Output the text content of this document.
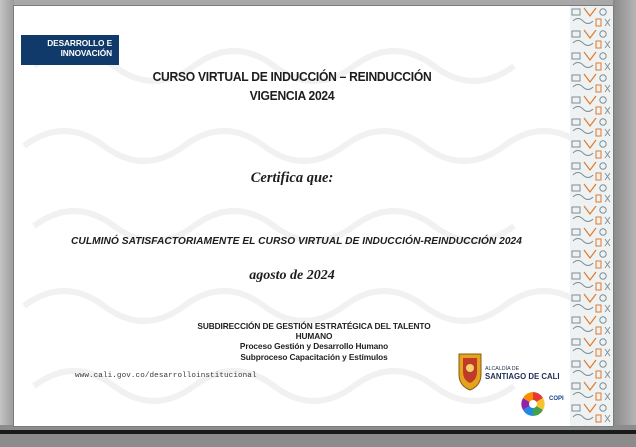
DESARROLLO E
INNOVACIÓN
CURSO VIRTUAL DE INDUCCIÓN – REINDUCCIÓN
VIGENCIA 2024
Certifica que:
CULMINÓ SATISFACTORIAMENTE EL CURSO VIRTUAL DE INDUCCIÓN-REINDUCCIÓN 2024
agosto de 2024
SUBDIRECCIÓN DE GESTIÓN ESTRATÉGICA DEL TALENTO
HUMANO
Proceso Gestión y Desarrollo Humano
Subproceso Capacitación y Estímulos
www.cali.gov.co/desarrolloinstitucional
ALCALDÍA DE
SANTIAGO DE CALI
COPI
